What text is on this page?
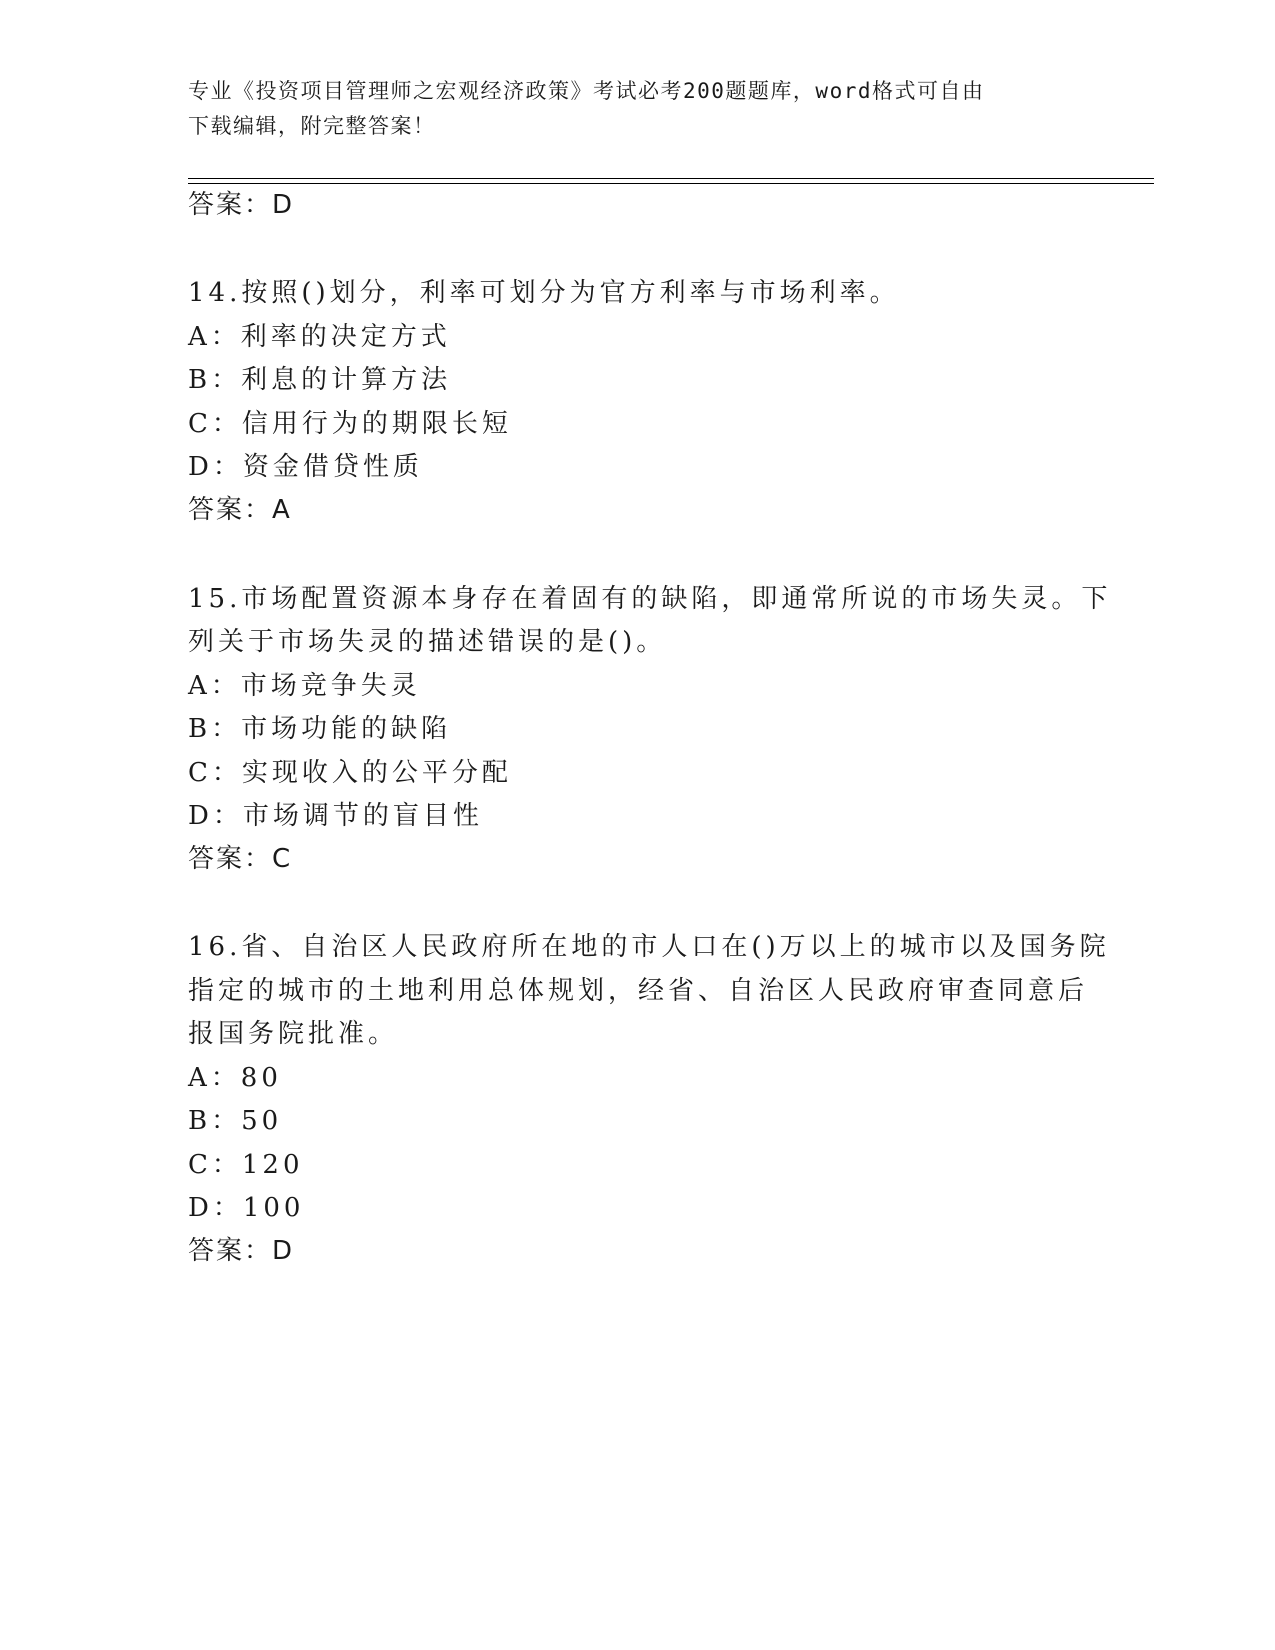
专业《投资项目管理师之宏观经济政策》考试必考200题题库，word格式可自由
下载编辑，附完整答案！
答案：D
14.按照()划分，利率可划分为官方利率与市场利率。
A：利率的决定方式
B：利息的计算方法
C：信用行为的期限长短
D：资金借贷性质
答案：A
15.市场配置资源本身存在着固有的缺陷，即通常所说的市场失灵。下
列关于市场失灵的描述错误的是()。
A：市场竞争失灵
B：市场功能的缺陷
C：实现收入的公平分配
D：市场调节的盲目性
答案：C
16.省、自治区人民政府所在地的市人口在()万以上的城市以及国务院
指定的城市的土地利用总体规划，经省、自治区人民政府审查同意后
报国务院批准。
A：80
B：50
C：120
D：100
答案：D
